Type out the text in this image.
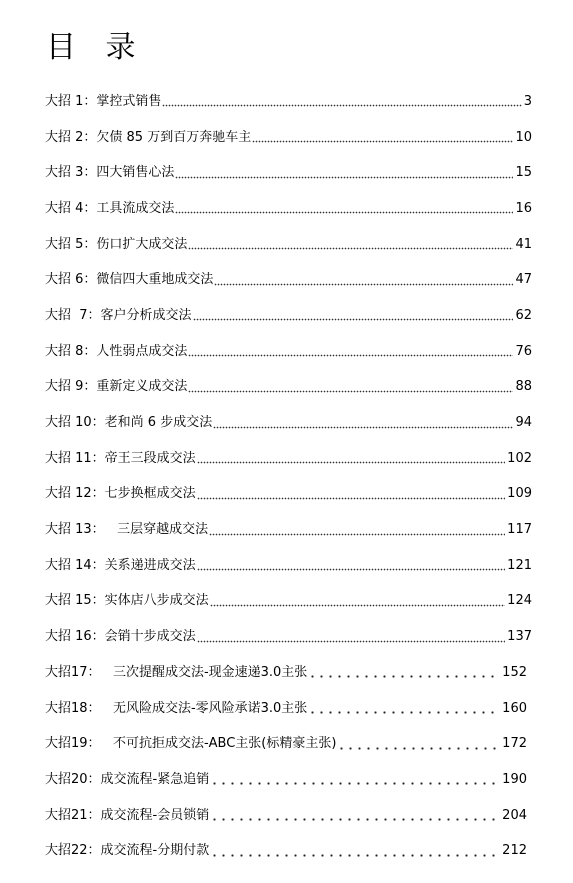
目 录
大招 1：掌控式销售	3
大招 2：欠债 85 万到百万奔驰车主	10
大招 3：四大销售心法	15
大招 4：工具流成交法	16
大招 5：伤口扩大成交法	41
大招 6：微信四大重地成交法	47
大招  7：客户分析成交法	62
大招 8：人性弱点成交法	76
大招 9：重新定义成交法	88
大招 10：老和尚 6 步成交法	94
大招 11：帝王三段成交法	102
大招 12：七步换框成交法	109
大招 13：   三层穿越成交法	117
大招 14：关系递进成交法	121
大招 15：实体店八步成交法	124
大招 16：会销十步成交法	137
大招17：   三次提醒成交法-现金速递3.0主张	152
大招18：   无风险成交法-零风险承诺3.0主张	160
大招19：   不可抗拒成交法-ABC主张(标精豪主张)	172
大招20：成交流程-紧急追销	190
大招21：成交流程-会员锁销	204
大招22：成交流程-分期付款	212
